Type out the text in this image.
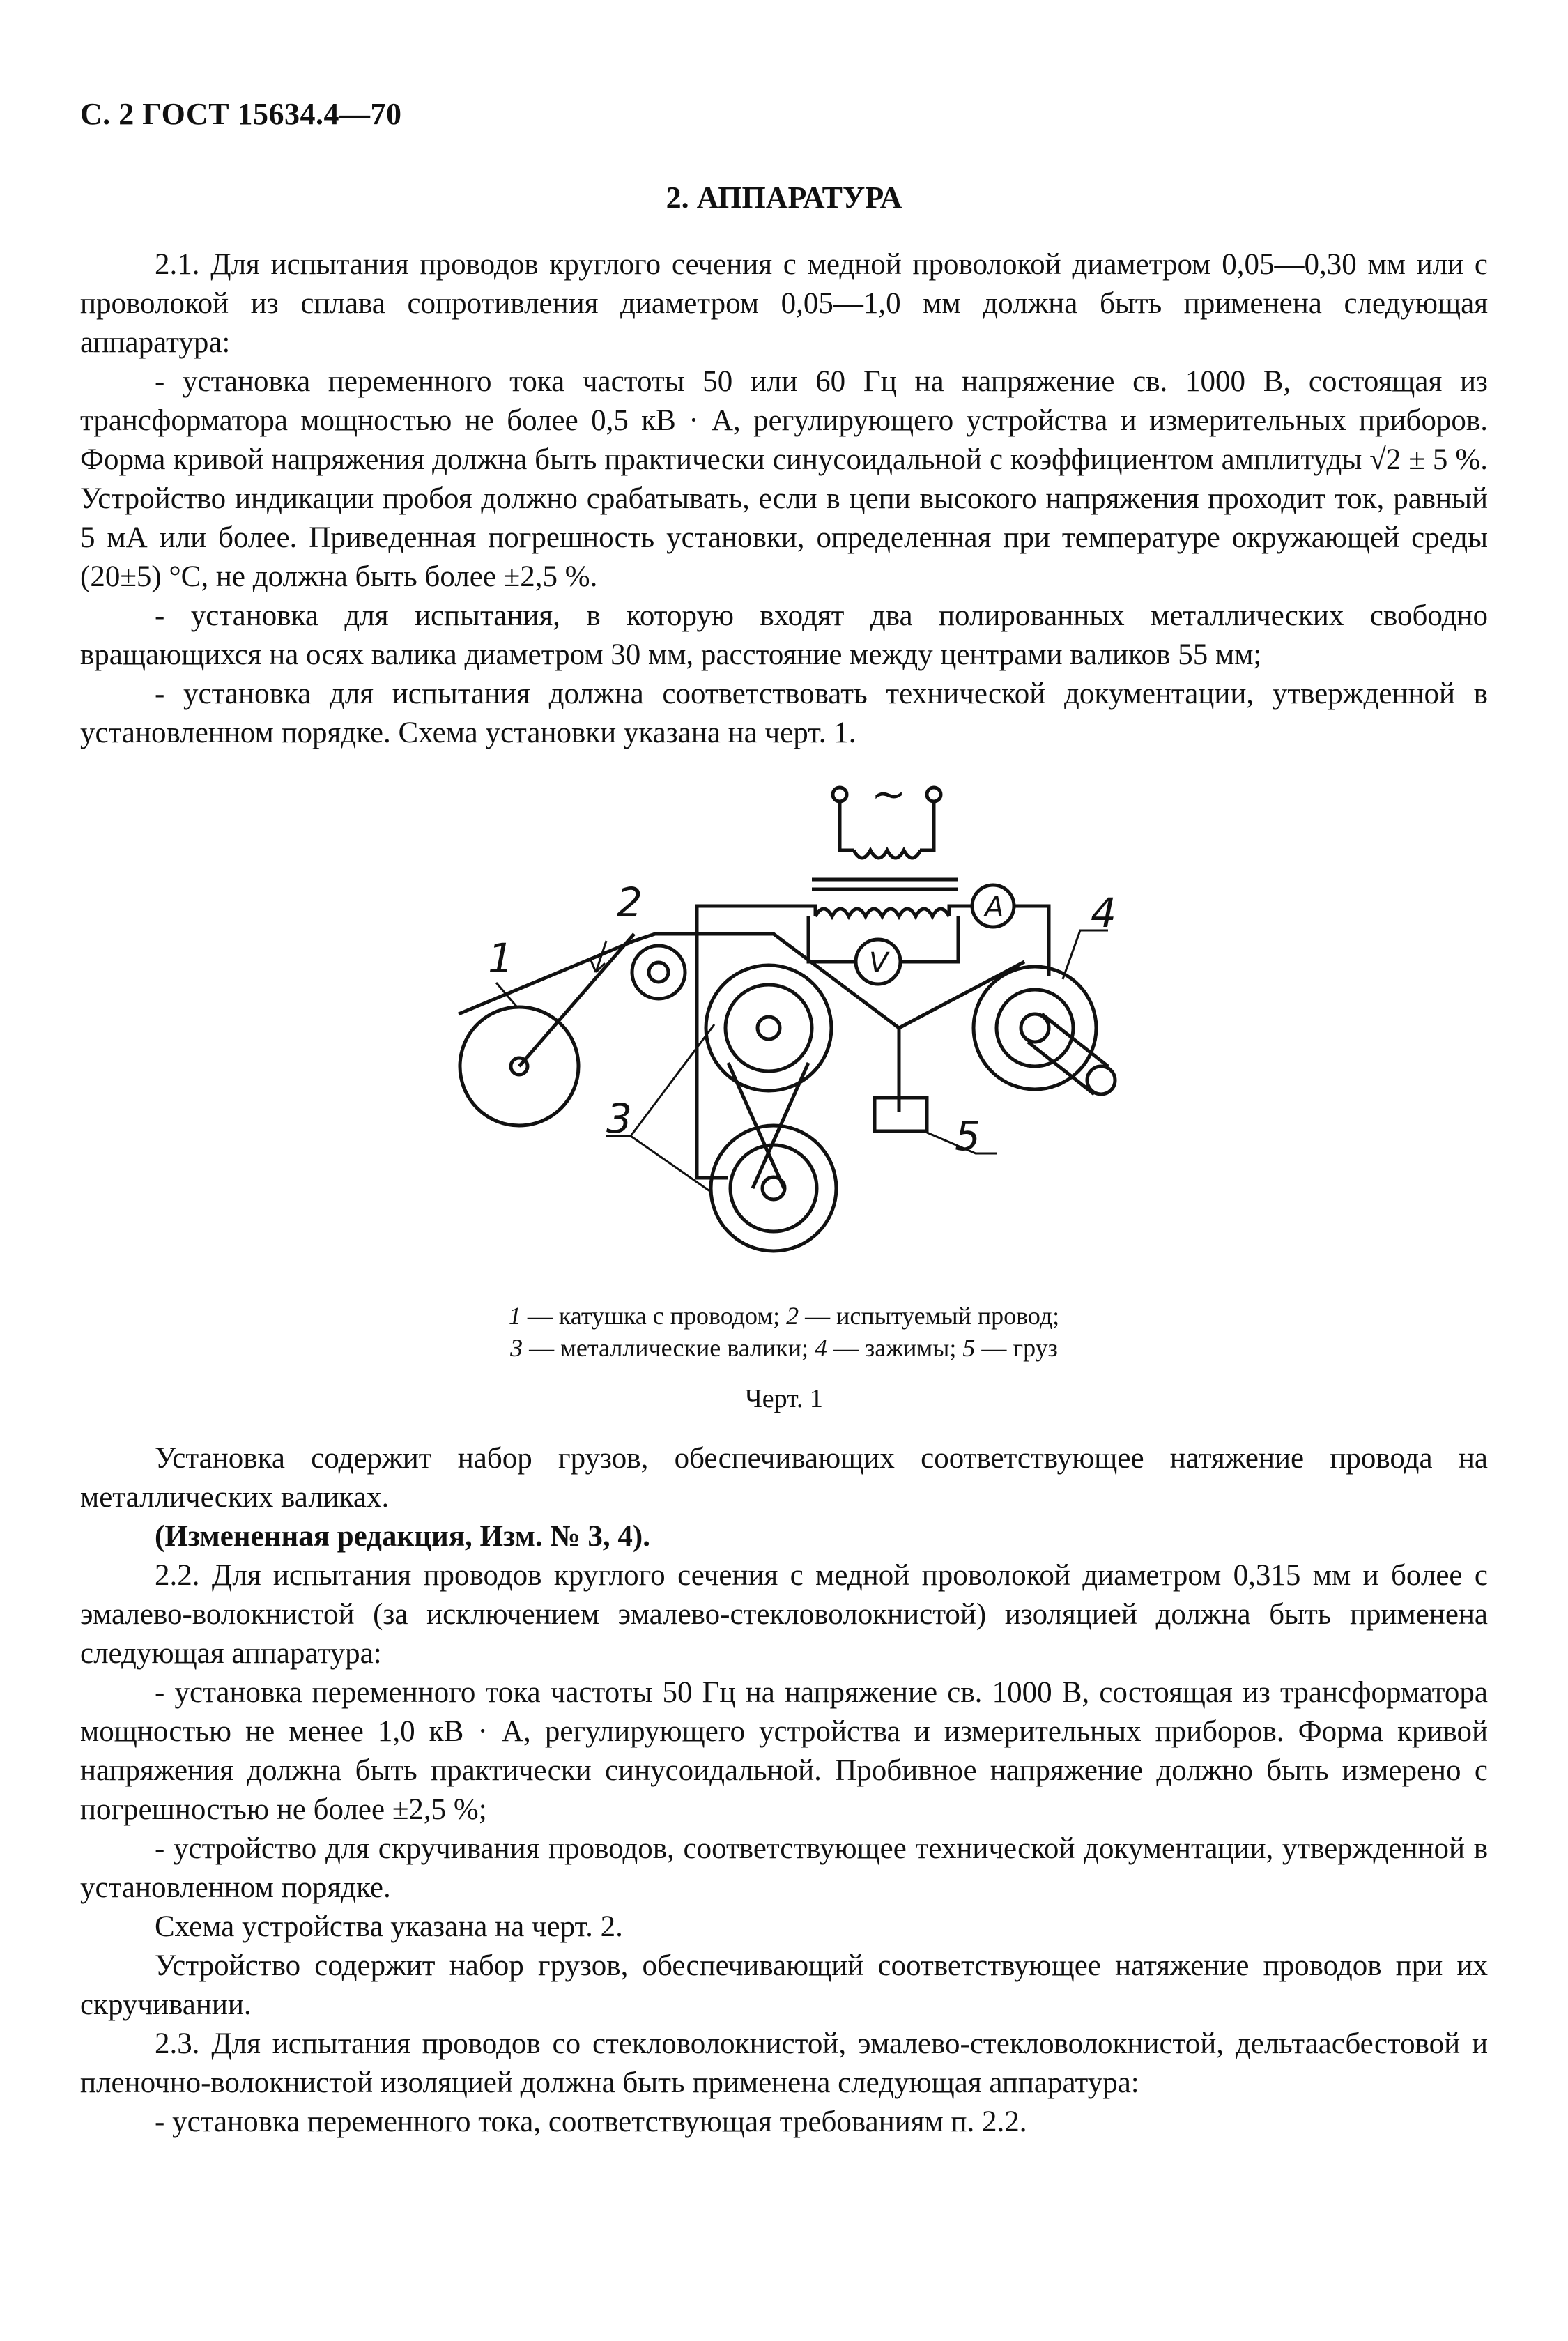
С. 2 ГОСТ 15634.4—70
2. АППАРАТУРА

2.1. Для испытания проводов круглого сечения с медной проволокой диаметром 0,05—0,30 мм или с проволокой из сплава сопротивления диаметром 0,05—1,0 мм должна быть применена следующая аппаратура:

- установка переменного тока частоты 50 или 60 Гц на напряжение св. 1000 В, состоящая из трансформатора мощностью не более 0,5 кВ · А, регулирующего устройства и измерительных приборов. Форма кривой напряжения должна быть практически синусоидальной с коэффициентом амплитуды √2 ± 5 %. Устройство индикации пробоя должно срабатывать, если в цепи высокого напряжения проходит ток, равный 5 мА или более. Приведенная погрешность установки, определенная при температуре окружающей среды (20±5) °С, не должна быть более ±2,5 %.

- установка для испытания, в которую входят два полированных металлических свободно вращающихся на осях валика диаметром 30 мм, расстояние между центрами валиков 55 мм;

- установка для испытания должна соответствовать технической документации, утвержденной в установленном порядке. Схема установки указана на черт. 1.

A
V
~
1
2
3
4
5
1 — катушка с проводом; 2 — испытуемый провод;
3 — металлические валики; 4 — зажимы; 5 — груз
Черт. 1

Установка содержит набор грузов, обеспечивающих соответствующее натяжение провода на металлических валиках.

(Измененная редакция, Изм. № 3, 4).

2.2. Для испытания проводов круглого сечения с медной проволокой диаметром 0,315 мм и более с эмалево-волокнистой (за исключением эмалево-стекловолокнистой) изоляцией должна быть применена следующая аппаратура:

- установка переменного тока частоты 50 Гц на напряжение св. 1000 В, состоящая из трансформатора мощностью не менее 1,0 кВ · А, регулирующего устройства и измерительных приборов. Форма кривой напряжения должна быть практически синусоидальной. Пробивное напряжение должно быть измерено с погрешностью не более ±2,5 %;

- устройство для скручивания проводов, соответствующее технической документации, утвержденной в установленном порядке.

Схема устройства указана на черт. 2.

Устройство содержит набор грузов, обеспечивающий соответствующее натяжение проводов при их скручивании.

2.3. Для испытания проводов со стекловолокнистой, эмалево-стекловолокнистой, дельтаасбестовой и пленочно-волокнистой изоляцией должна быть применена следующая аппаратура:

- установка переменного тока, соответствующая требованиям п. 2.2.
